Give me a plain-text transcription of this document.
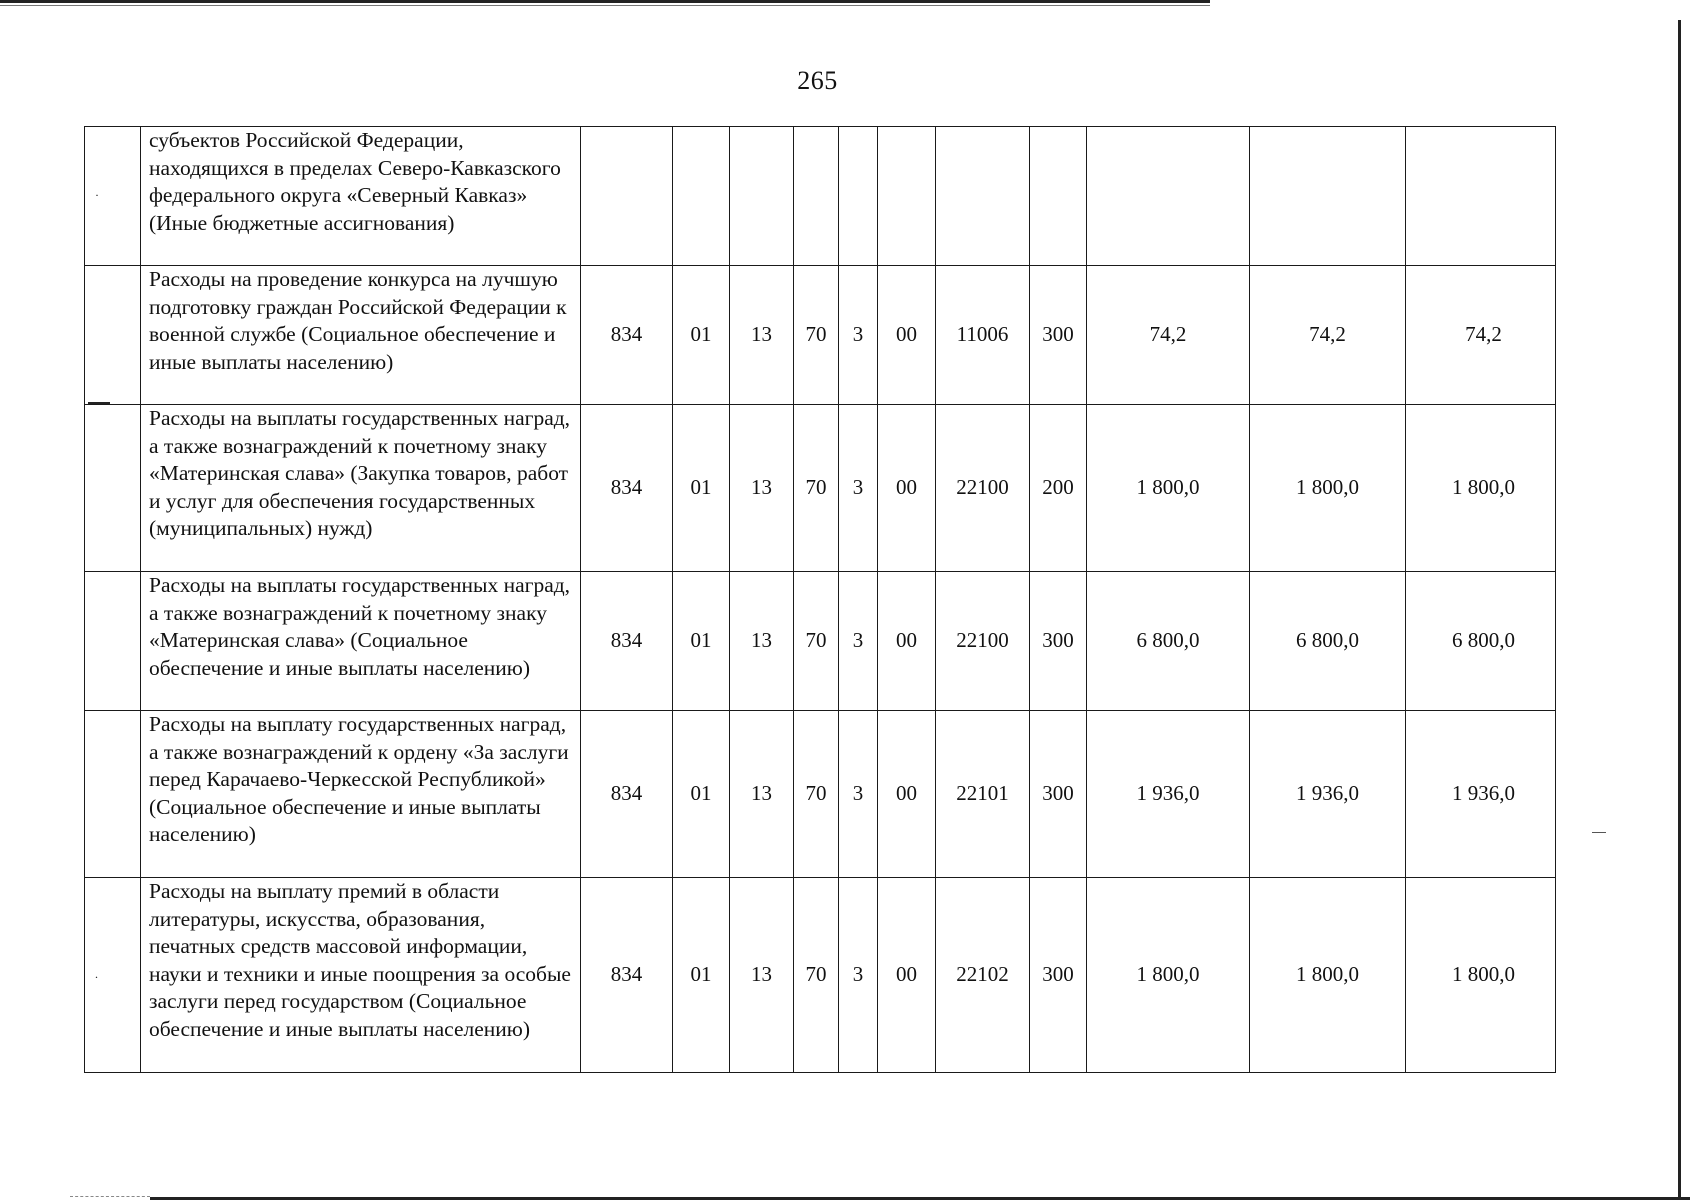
265
·	субъектов Российской Федерации, находящихся в пределах Северо-Кавказского федерального округа «Северный Кавказ» (Иные бюджетные ассигнования)											
	Расходы на проведение конкурса на лучшую подготовку граждан Российской Федерации к военной службе (Социальное обеспечение и иные выплаты населению)	834	01	13	70	3	00	11006	300	74,2	74,2	74,2
	Расходы на выплаты государственных наград, а также вознаграждений к почетному знаку «Материнская слава» (Закупка товаров, работ и услуг для обеспечения государственных (муниципальных) нужд)	834	01	13	70	3	00	22100	200	1 800,0	1 800,0	1 800,0
	Расходы на выплаты государственных наград, а также вознаграждений к почетному знаку «Материнская слава» (Социальное обеспечение и иные выплаты населению)	834	01	13	70	3	00	22100	300	6 800,0	6 800,0	6 800,0
	Расходы на выплату государственных наград, а также вознаграждений к ордену «За заслуги перед Карачаево-Черкесской Республикой» (Социальное обеспечение и иные выплаты населению)	834	01	13	70	3	00	22101	300	1 936,0	1 936,0	1 936,0
.	Расходы на выплату премий в области литературы, искусства, образования, печатных средств массовой информации, науки и техники и иные поощрения за особые заслуги перед государством (Социальное обеспечение и иные выплаты населению)	834	01	13	70	3	00	22102	300	1 800,0	1 800,0	1 800,0
